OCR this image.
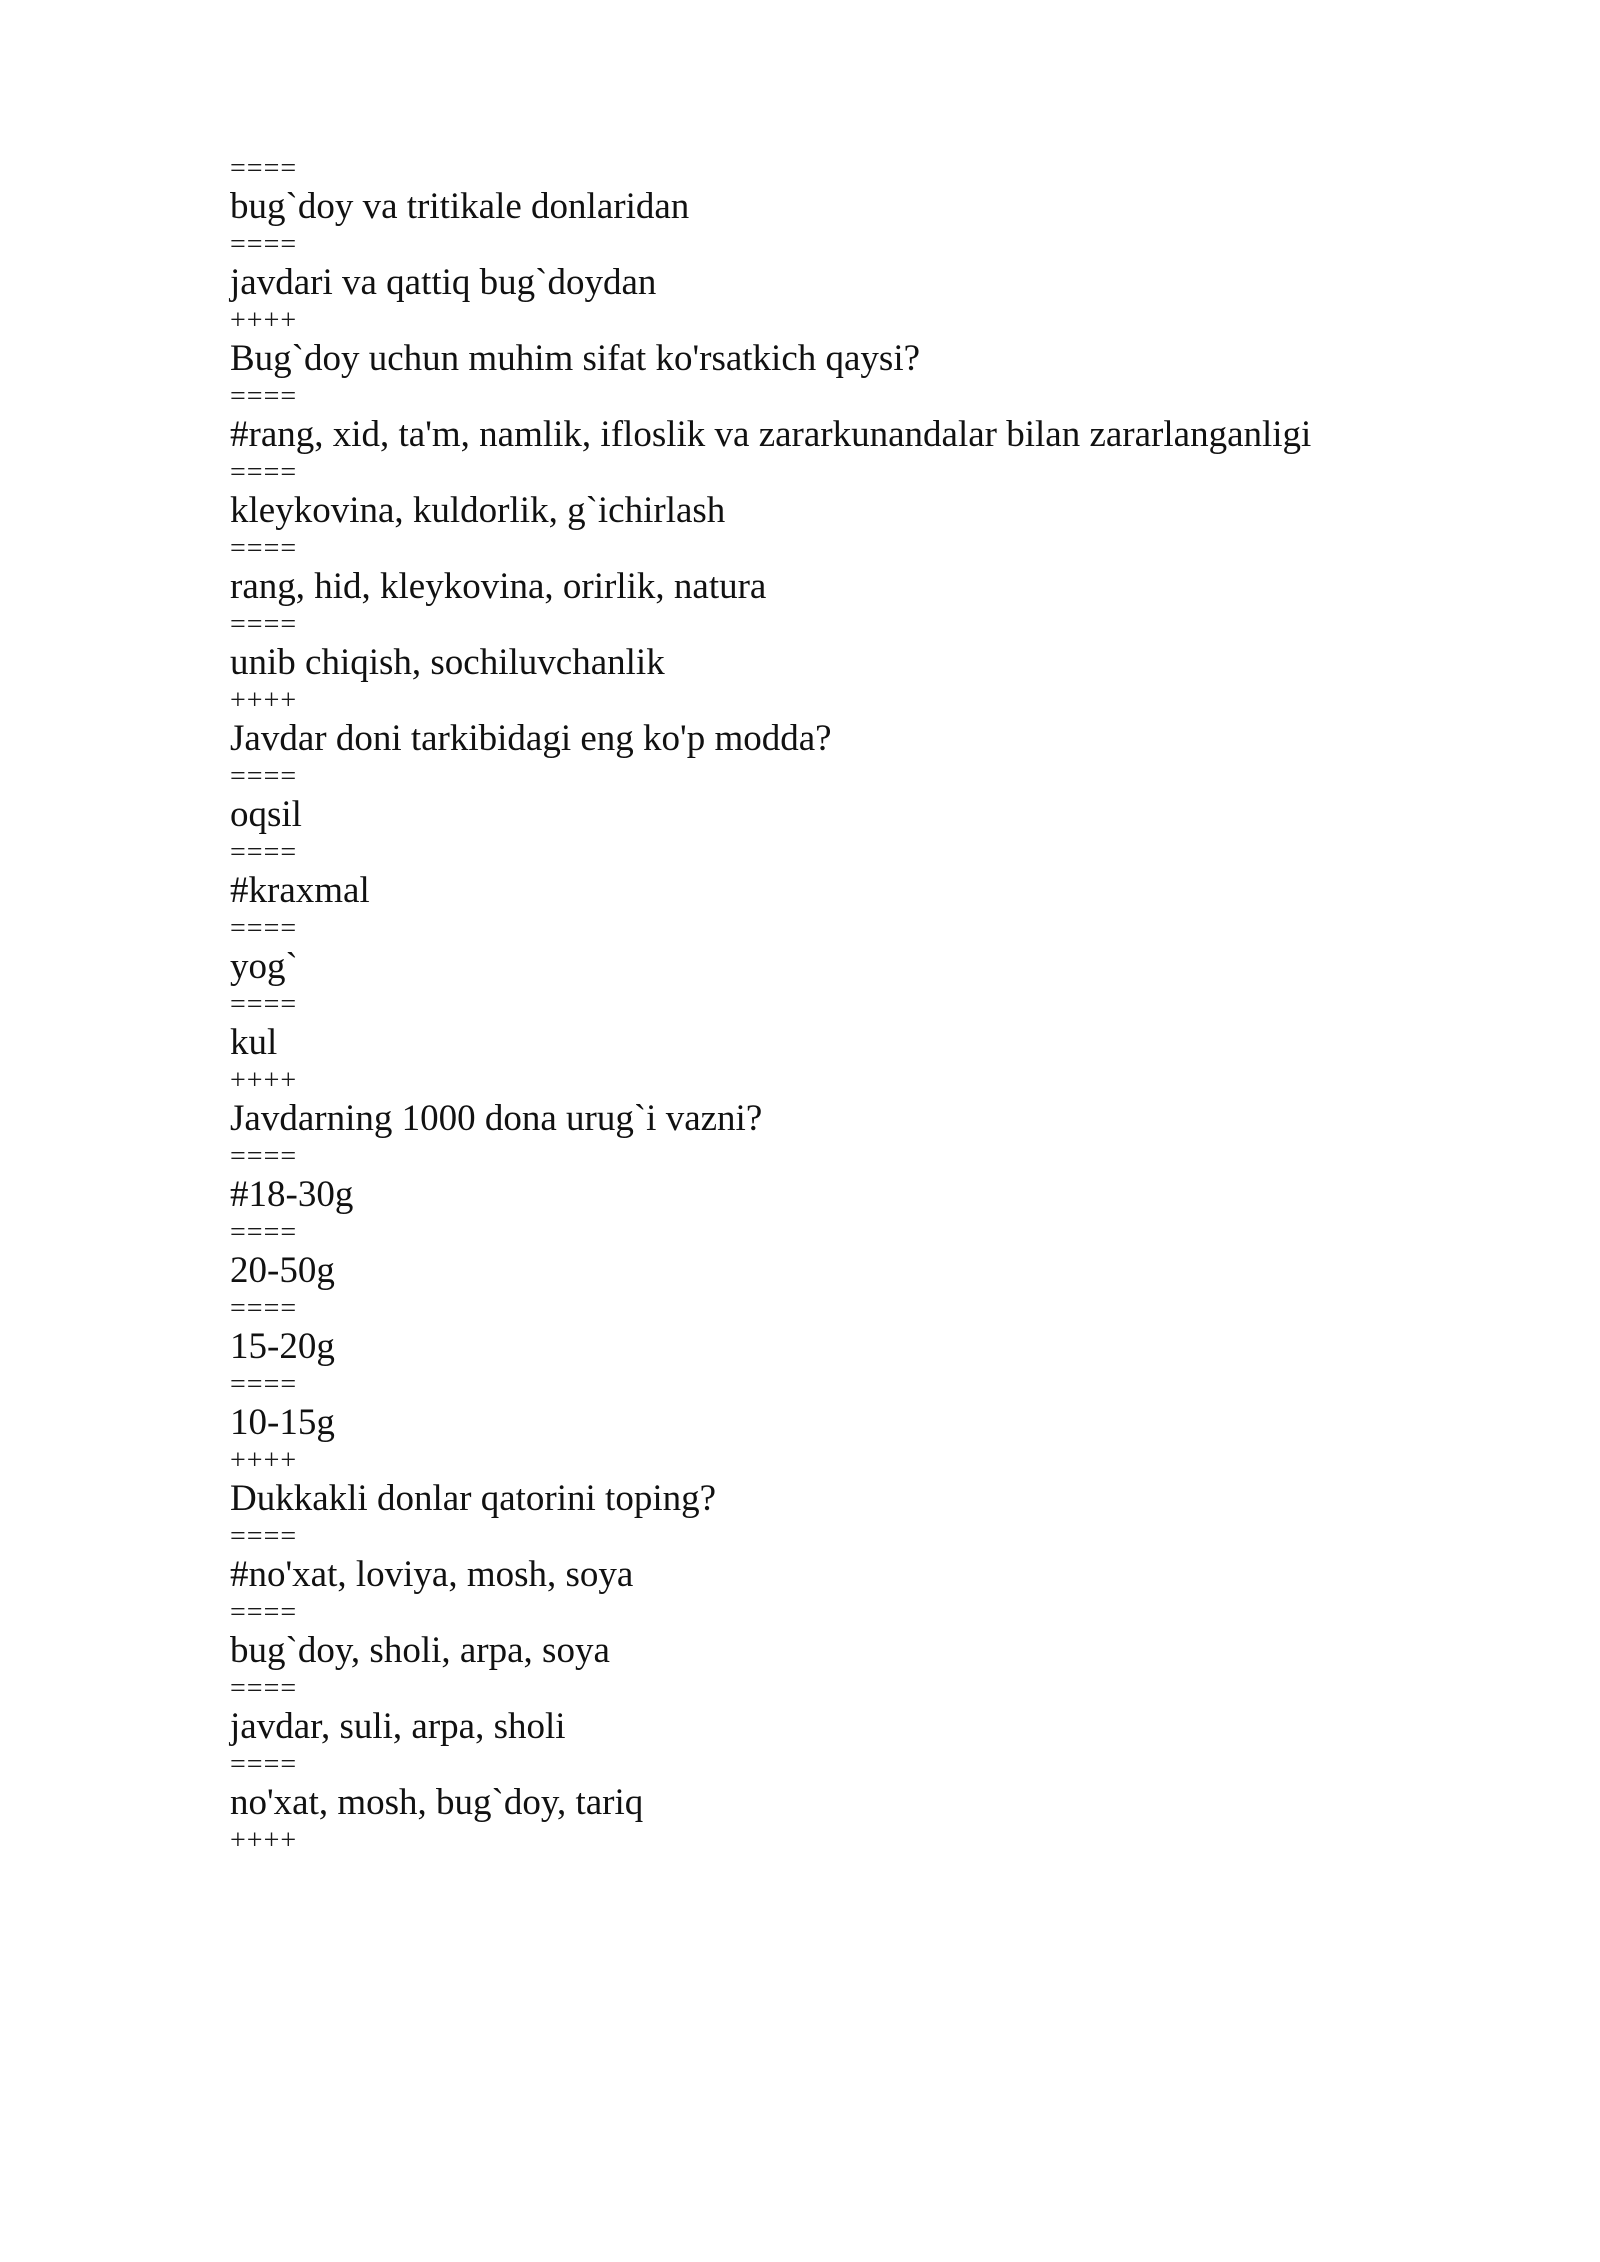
====
bug`doy va tritikale donlaridan
====
javdari va qattiq bug`doydan
++++
Bug`doy uchun muhim sifat ko'rsatkich qaysi?
====
#rang, xid, ta'm, namlik, ifloslik va zararkunandalar bilan zararlanganligi
====
kleykovina, kuldorlik, g`ichirlash
====
rang, hid, kleykovina, orirlik, natura
====
unib chiqish, sochiluvchanlik
++++
Javdar doni tarkibidagi eng ko'p modda?
====
oqsil
====
#kraxmal
====
yog`
====
kul
++++
Javdarning 1000 dona urug`i vazni?
====
#18-30g
====
20-50g
====
15-20g
====
10-15g
++++
Dukkakli donlar qatorini toping?
====
#no'xat, loviya, mosh, soya
====
bug`doy, sholi, arpa, soya
====
javdar, suli, arpa, sholi
====
no'xat, mosh, bug`doy, tariq
++++
